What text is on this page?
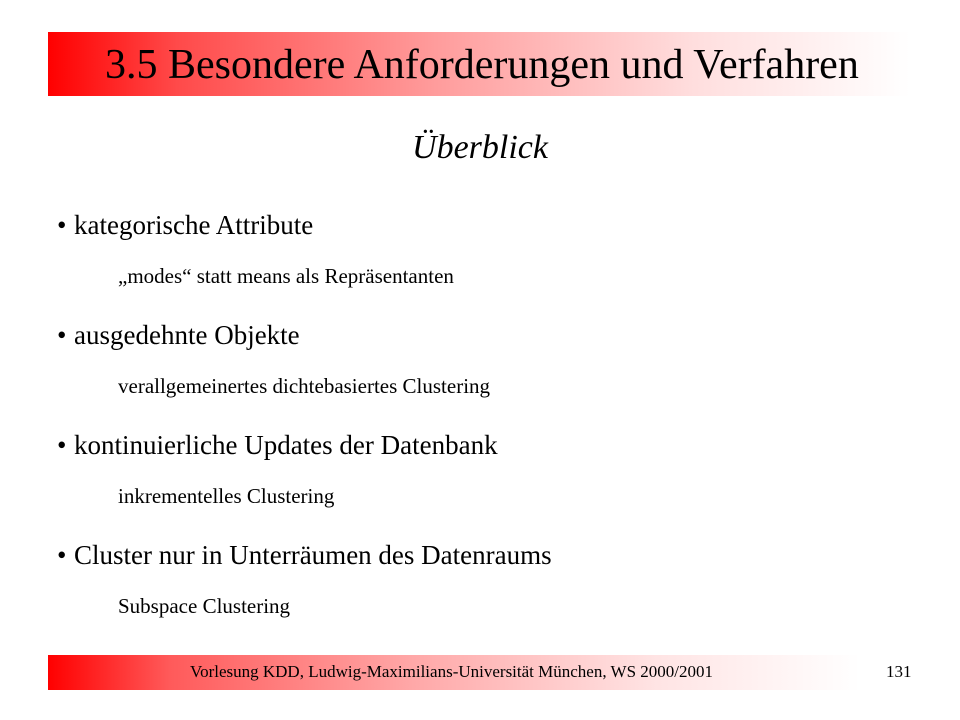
3.5 Besondere Anforderungen und Verfahren
Überblick
• kategorische Attribute
„modes“ statt means als Repräsentanten
• ausgedehnte Objekte
verallgemeinertes dichtebasiertes Clustering
• kontinuierliche Updates der Datenbank
inkrementelles Clustering
• Cluster nur in Unterräumen des Datenraums
Subspace Clustering
Vorlesung KDD, Ludwig-Maximilians-Universität München, WS 2000/2001	131
